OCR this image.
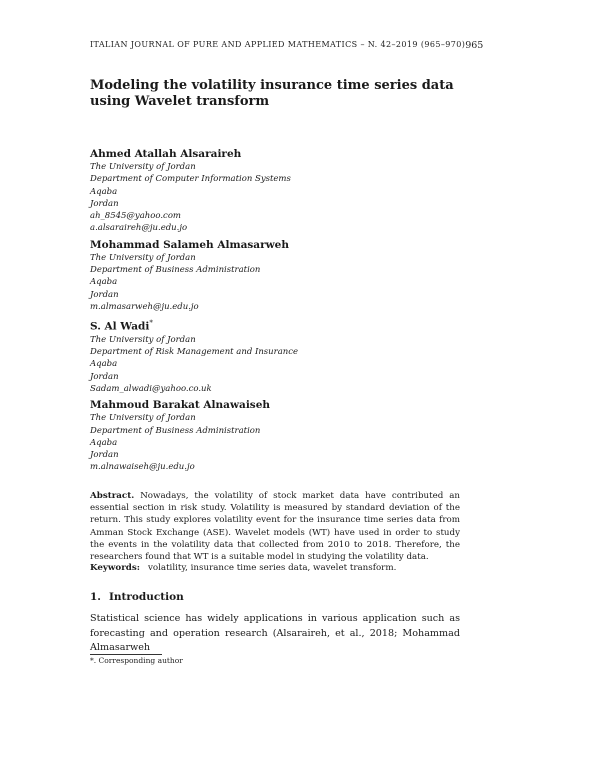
ITALIAN JOURNAL OF PURE AND APPLIED MATHEMATICS – N. 42–2019 (965–970) 965
Modeling the volatility insurance time series data using Wavelet transform
Ahmed Atallah Alsaraireh
The University of Jordan
Department of Computer Information Systems
Aqaba
Jordan
ah_8545@yahoo.com
a.alsaraireh@ju.edu.jo
Mohammad Salameh Almasarweh
The University of Jordan
Department of Business Administration
Aqaba
Jordan
m.almasarweh@ju.edu.jo
S. Al Wadi*
The University of Jordan
Department of Risk Management and Insurance
Aqaba
Jordan
Sadam_alwadi@yahoo.co.uk
Mahmoud Barakat Alnawaiseh
The University of Jordan
Department of Business Administration
Aqaba
Jordan
m.alnawaiseh@ju.edu.jo
Abstract. Nowadays, the volatility of stock market data have contributed an essential section in risk study. Volatility is measured by standard deviation of the return. This study explores volatility event for the insurance time series data from Amman Stock Exchange (ASE). Wavelet models (WT) have used in order to study the events in the volatility data that collected from 2010 to 2018. Therefore, the researchers found that WT is a suitable model in studying the volatility data.
Keywords: volatility, insurance time series data, wavelet transform.
1. Introduction
Statistical science has widely applications in various application such as forecasting and operation research (Alsaraireh, et al., 2018; Mohammad Almasarweh
*. Corresponding author
